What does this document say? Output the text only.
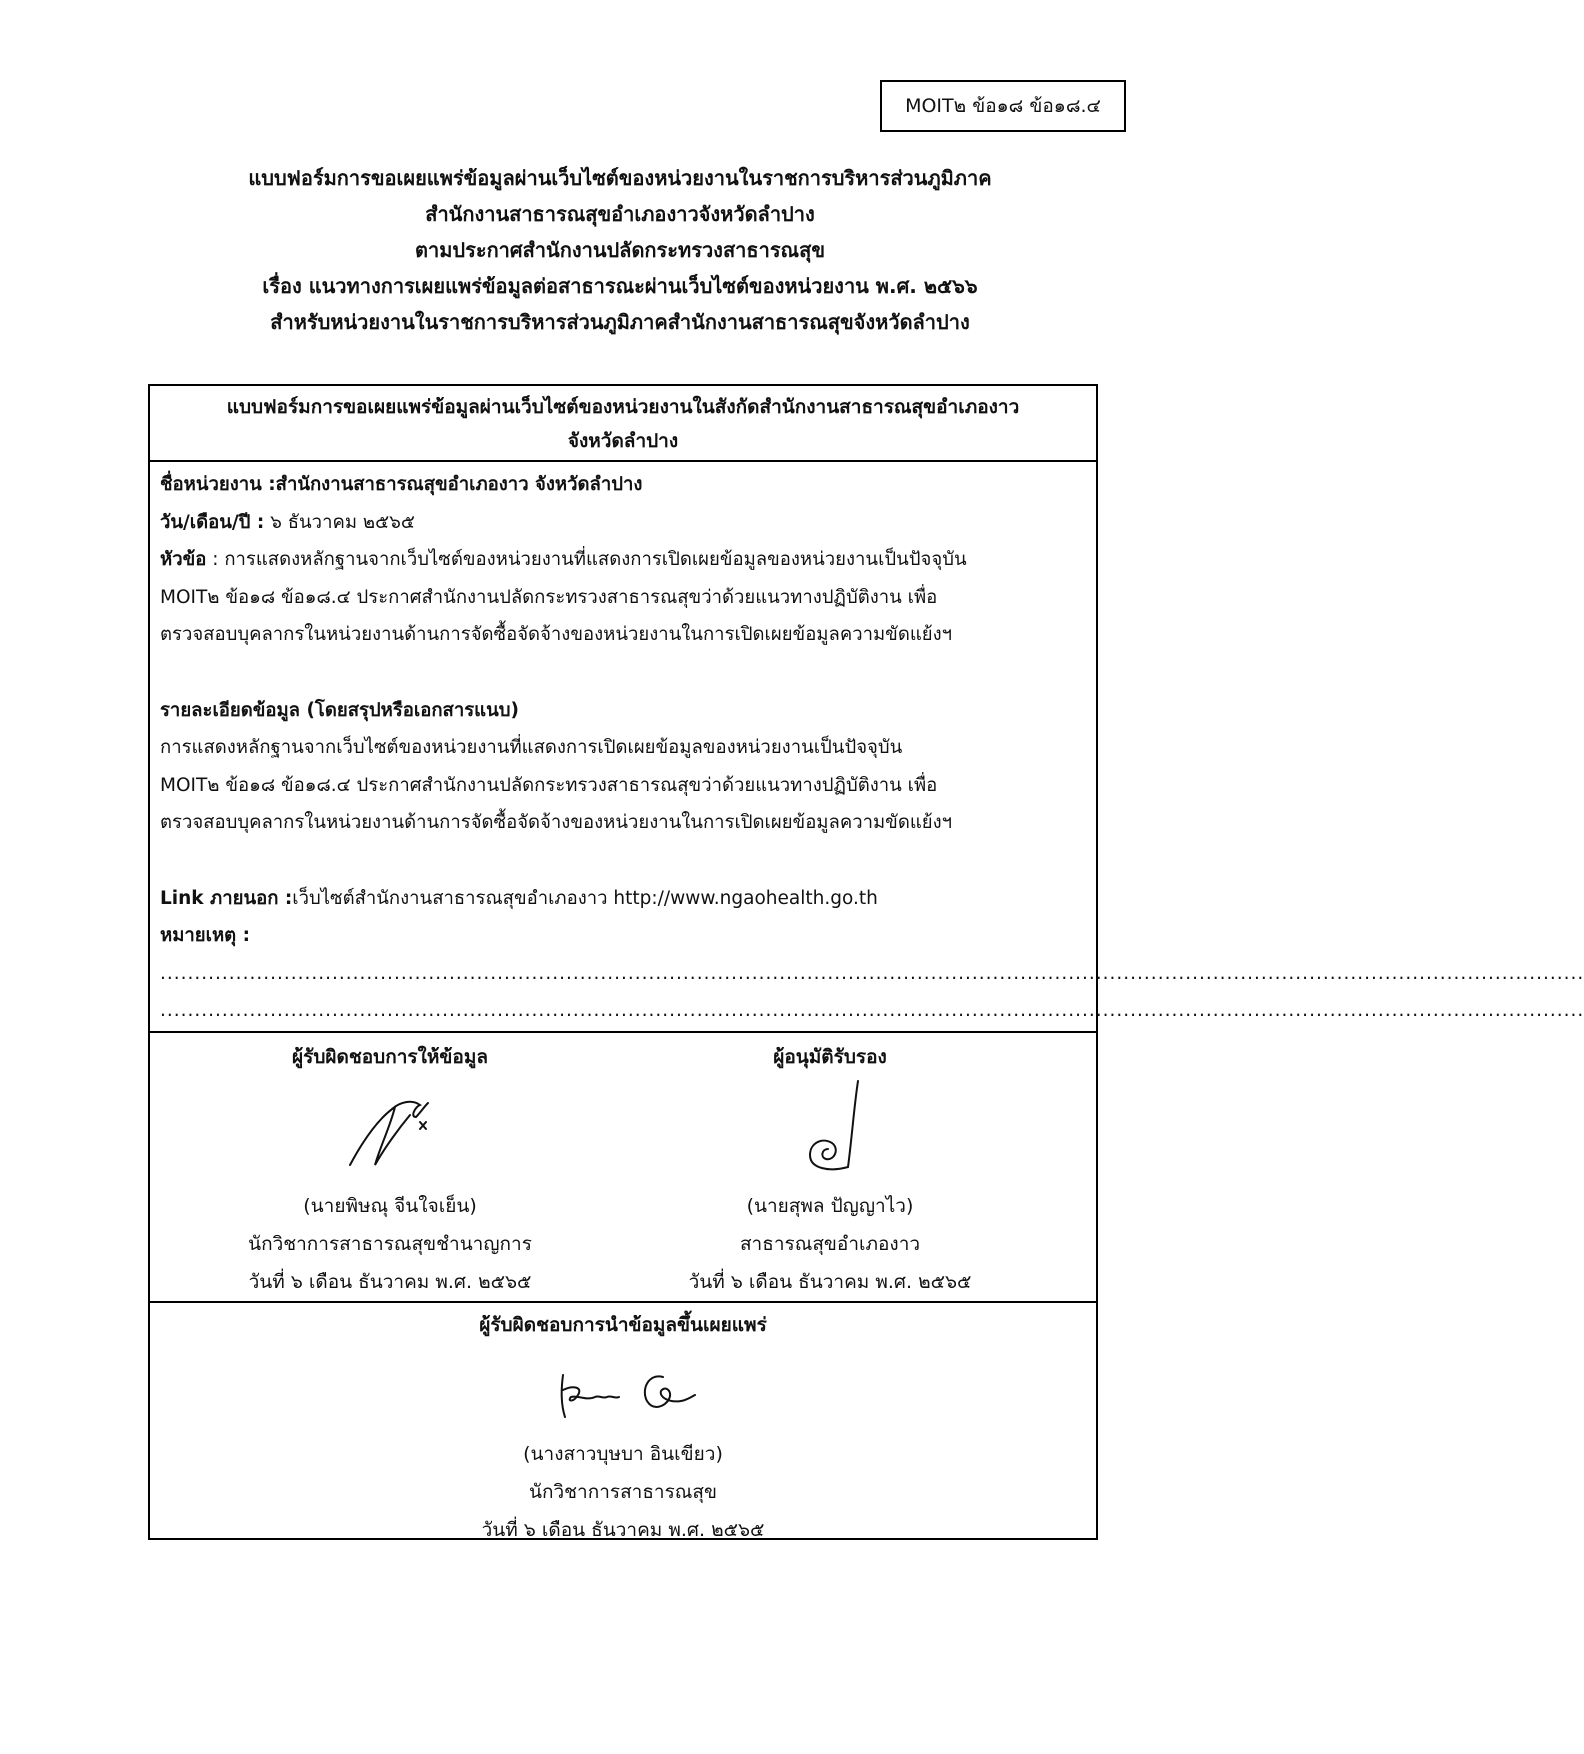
MOIT๒ ข้อ๑๘ ข้อ๑๘.๔
แบบฟอร์มการขอเผยแพร่ข้อมูลผ่านเว็บไซต์ของหน่วยงานในราชการบริหารส่วนภูมิภาค
สำนักงานสาธารณสุขอำเภองาวจังหวัดลำปาง
ตามประกาศสำนักงานปลัดกระทรวงสาธารณสุข
เรื่อง แนวทางการเผยแพร่ข้อมูลต่อสาธารณะผ่านเว็บไซต์ของหน่วยงาน พ.ศ. ๒๕๖๖
สำหรับหน่วยงานในราชการบริหารส่วนภูมิภาคสำนักงานสาธารณสุขจังหวัดลำปาง
แบบฟอร์มการขอเผยแพร่ข้อมูลผ่านเว็บไซต์ของหน่วยงานในสังกัดสำนักงานสาธารณสุขอำเภองาว
จังหวัดลำปาง
ชื่อหน่วยงาน :สำนักงานสาธารณสุขอำเภองาว จังหวัดลำปาง
วัน/เดือน/ปี : ๖ ธันวาคม ๒๕๖๕
หัวข้อ : การแสดงหลักฐานจากเว็บไซต์ของหน่วยงานที่แสดงการเปิดเผยข้อมูลของหน่วยงานเป็นปัจจุบัน
MOIT๒ ข้อ๑๘ ข้อ๑๘.๔ ประกาศสำนักงานปลัดกระทรวงสาธารณสุขว่าด้วยแนวทางปฏิบัติงาน เพื่อ
ตรวจสอบบุคลากรในหน่วยงานด้านการจัดซื้อจัดจ้างของหน่วยงานในการเปิดเผยข้อมูลความขัดแย้งฯ

รายละเอียดข้อมูล (โดยสรุปหรือเอกสารแนบ)
การแสดงหลักฐานจากเว็บไซต์ของหน่วยงานที่แสดงการเปิดเผยข้อมูลของหน่วยงานเป็นปัจจุบัน
MOIT๒ ข้อ๑๘ ข้อ๑๘.๔ ประกาศสำนักงานปลัดกระทรวงสาธารณสุขว่าด้วยแนวทางปฏิบัติงาน เพื่อ
ตรวจสอบบุคลากรในหน่วยงานด้านการจัดซื้อจัดจ้างของหน่วยงานในการเปิดเผยข้อมูลความขัดแย้งฯ

Link ภายนอก :เว็บไซต์สำนักงานสาธารณสุขอำเภองาว http://www.ngaohealth.go.th
หมายเหตุ :
...............................................................................................................................................................................................................
...............................................................................................................................................................................................................
ผู้รับผิดชอบการให้ข้อมูล
(นายพิษณุ จีนใจเย็น)
นักวิชาการสาธารณสุขชำนาญการ
วันที่ ๖ เดือน ธันวาคม พ.ศ. ๒๕๖๕
ผู้อนุมัติรับรอง
(นายสุพล ปัญญาไว)
สาธารณสุขอำเภองาว
วันที่ ๖ เดือน ธันวาคม พ.ศ. ๒๕๖๕
ผู้รับผิดชอบการนำข้อมูลขึ้นเผยแพร่
(นางสาวบุษบา อินเขียว)
นักวิชาการสาธารณสุข
วันที่ ๖ เดือน ธันวาคม พ.ศ. ๒๕๖๕
